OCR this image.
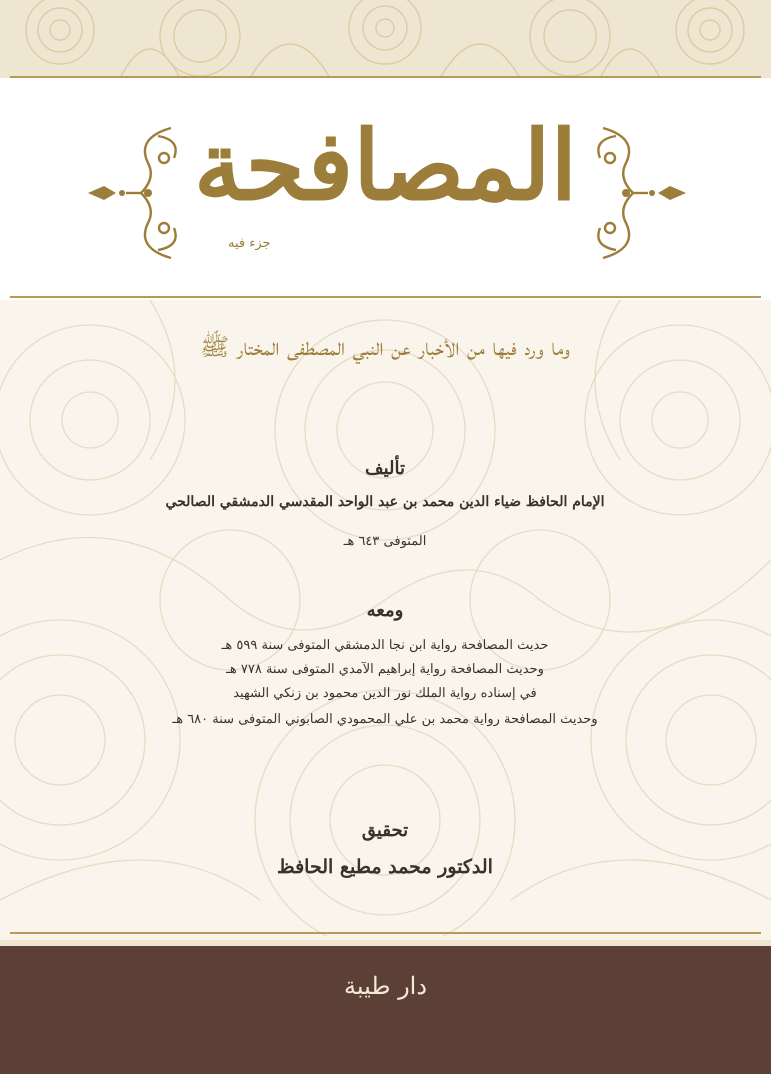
المصافحة
جزء فيه
وما ورد فيها من الأخبار عن النبي المصطفى المختار ﷺ
تأليف
الإمام الحافظ ضياء الدين محمد بن عبد الواحد المقدسي الدمشقي الصالحي
المتوفى ٦٤٣ هـ
ومعه
حديث المصافحة رواية ابن نجا الدمشقي المتوفى سنة ٥٩٩ هـ
وحديث المصافحة رواية إبراهيم الآمدي المتوفى سنة ٧٧٨ هـ
في إسناده رواية الملك نور الدين محمود بن زنكي الشهيد
وحديث المصافحة رواية محمد بن علي المحمودي الصابوني المتوفى سنة ٦٨٠ هـ
تحقيق
الدكتور محمد مطيع الحافظ
دار طيبة
